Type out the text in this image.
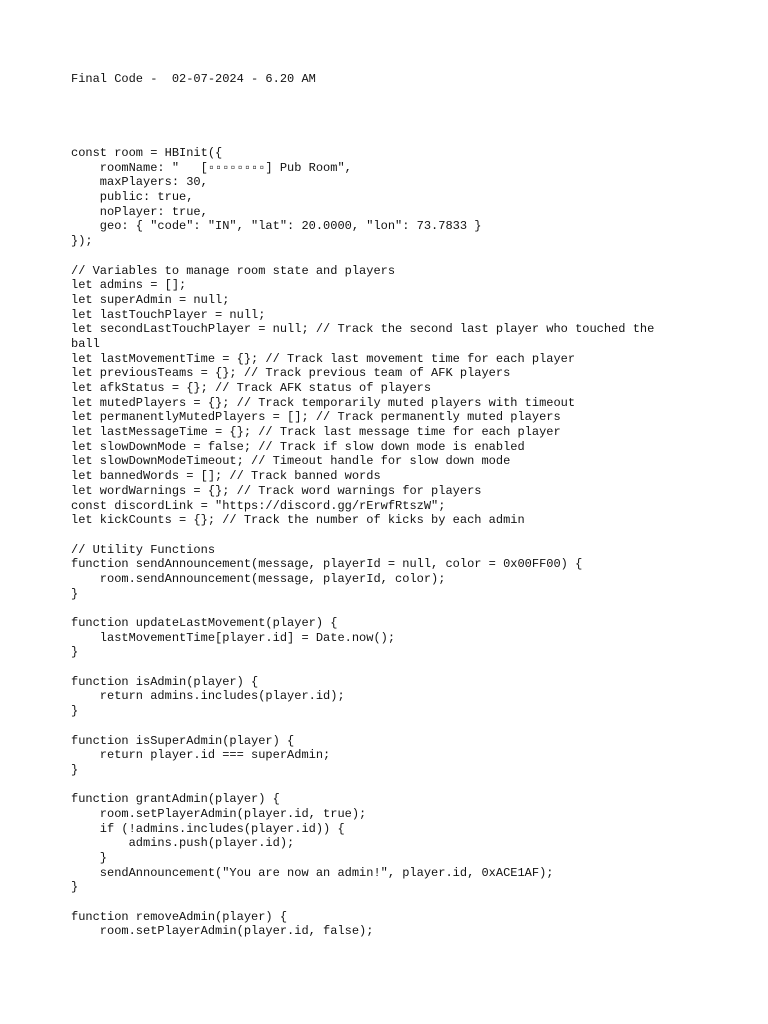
Final Code -  02-07-2024 - 6.20 AM
const room = HBInit({
roomName: "   [▫▫▫▫▫▫▫▫] Pub Room",
maxPlayers: 30,
public: true,
noPlayer: true,
geo: { "code": "IN", "lat": 20.0000, "lon": 73.7833 }
});
// Variables to manage room state and players
let admins = [];
let superAdmin = null;
let lastTouchPlayer = null;
let secondLastTouchPlayer = null; // Track the second last player who touched the
ball
let lastMovementTime = {}; // Track last movement time for each player
let previousTeams = {}; // Track previous team of AFK players
let afkStatus = {}; // Track AFK status of players
let mutedPlayers = {}; // Track temporarily muted players with timeout
let permanentlyMutedPlayers = []; // Track permanently muted players
let lastMessageTime = {}; // Track last message time for each player
let slowDownMode = false; // Track if slow down mode is enabled
let slowDownModeTimeout; // Timeout handle for slow down mode
let bannedWords = []; // Track banned words
let wordWarnings = {}; // Track word warnings for players
const discordLink = "https://discord.gg/rErwfRtszW";
let kickCounts = {}; // Track the number of kicks by each admin
// Utility Functions
function sendAnnouncement(message, playerId = null, color = 0x00FF00) {
room.sendAnnouncement(message, playerId, color);
}
function updateLastMovement(player) {
lastMovementTime[player.id] = Date.now();
}
function isAdmin(player) {
return admins.includes(player.id);
}
function isSuperAdmin(player) {
return player.id === superAdmin;
}
function grantAdmin(player) {
room.setPlayerAdmin(player.id, true);
if (!admins.includes(player.id)) {
admins.push(player.id);
}
sendAnnouncement("You are now an admin!", player.id, 0xACE1AF);
}
function removeAdmin(player) {
room.setPlayerAdmin(player.id, false);
